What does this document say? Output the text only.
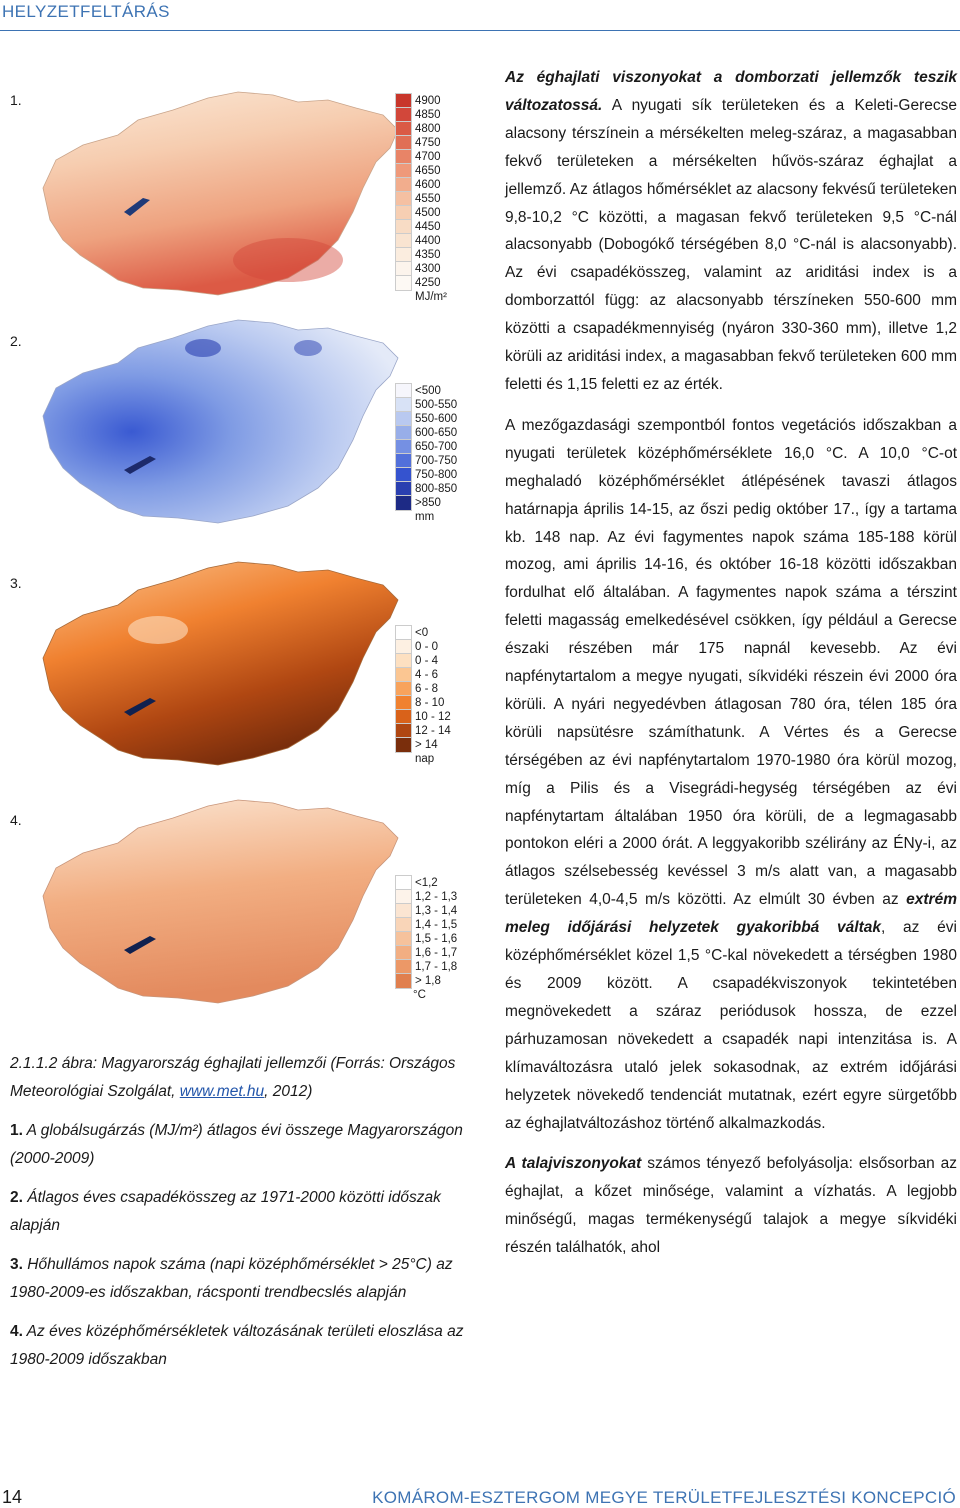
HELYZETFELTÁRÁS
1.
2.
3.
4.
4900
4850
4800
4750
4700
4650
4600
4550
4500
4450
4400
4350
4300
4250
MJ/m²
<500
500-550
550-600
600-650
650-700
700-750
750-800
800-850
>850
mm
<0
0 - 0
0 - 4
4 - 6
6 - 8
8 - 10
10 - 12
12 - 14
> 14
nap
<1,2
1,2 - 1,3
1,3 - 1,4
1,4 - 1,5
1,5 - 1,6
1,6 - 1,7
1,7 - 1,8
> 1,8
°C
2.1.1.2 ábra: Magyarország éghajlati jellemzői (Forrás: Országos Meteorológiai Szolgálat, www.met.hu, 2012)
1. A globálsugárzás (MJ/m²) átlagos évi összege Magyarországon (2000-2009)
2. Átlagos éves csapadékösszeg az 1971-2000 közötti időszak alapján
3. Hőhullámos napok száma (napi középhőmérséklet > 25°C) az 1980-2009-es időszakban, rácsponti trendbecslés alapján
4. Az éves középhőmérsékletek változásának területi eloszlása az 1980-2009 időszakban

Az éghajlati viszonyokat a domborzati jellemzők teszik változatossá. A nyugati sík területeken és a Keleti-Gerecse alacsony térszínein a mérsékelten meleg-száraz, a magasabban fekvő területeken a mérsékelten hűvös-száraz éghajlat a jellemző. Az átlagos hőmérséklet az alacsony fekvésű területeken 9,8-10,2 °C közötti, a magasan fekvő területeken 9,5 °C-nál alacsonyabb (Dobogókő térségében 8,0 °C-nál is alacsonyabb). Az évi csapadékösszeg, valamint az ariditási index is a domborzattól függ: az alacsonyabb térszíneken 550-600 mm közötti a csapadékmennyiség (nyáron 330-360 mm), illetve 1,2 körüli az ariditási index, a magasabban fekvő területeken 600 mm feletti és 1,15 feletti ez az érték.

A mezőgazdasági szempontból fontos vegetációs időszakban a nyugati területek középhőmérséklete 16,0 °C. A 10,0 °C-ot meghaladó középhőmérséklet átlépésének tavaszi átlagos határnapja április 14-15, az őszi pedig október 17., így a tartama kb. 148 nap. Az évi fagymentes napok száma 185-188 körül mozog, ami április 14-16, és október 16-18 közötti időszakban fordulhat elő általában. A fagymentes napok száma a térszint feletti magasság emelkedésével csökken, így például a Gerecse északi részében már 175 napnál kevesebb. Az évi napfénytartalom a megye nyugati, síkvidéki részein évi 2000 óra körüli. A nyári negyedévben átlagosan 780 óra, télen 185 óra körüli napsütésre számíthatunk. A Vértes és a Gerecse térségében az évi napfénytartalom 1970-1980 óra körül mozog, míg a Pilis és a Visegrádi-hegység térségében az évi napfénytartam általában 1950 óra körüli, de a legmagasabb pontokon eléri a 2000 órát. A leggyakoribb szélirány az ÉNy-i, az átlagos szélsebesség kevéssel 3 m/s alatt van, a magasabb területeken 4,0-4,5 m/s közötti. Az elmúlt 30 évben az extrém meleg időjárási helyzetek gyakoribbá váltak, az évi középhőmérséklet közel 1,5 °C-kal növekedett a térségben 1980 és 2009 között. A csapadékviszonyok tekintetében megnövekedett a száraz periódusok hossza, de ezzel párhuzamosan növekedett a csapadék napi intenzitása is. A klímaváltozásra utaló jelek sokasodnak, az extrém időjárási helyzetek növekedő tendenciát mutatnak, ezért egyre sürgetőbb az éghajlatváltozáshoz történő alkalmazkodás.

A talajviszonyokat számos tényező befolyásolja: elsősorban az éghajlat, a kőzet minősége, valamint a vízhatás. A legjobb minőségű, magas termékenységű talajok a megye síkvidéki részén találhatók, ahol

14	KOMÁROM-ESZTERGOM MEGYE TERÜLETFEJLESZTÉSI KONCEPCIÓ
